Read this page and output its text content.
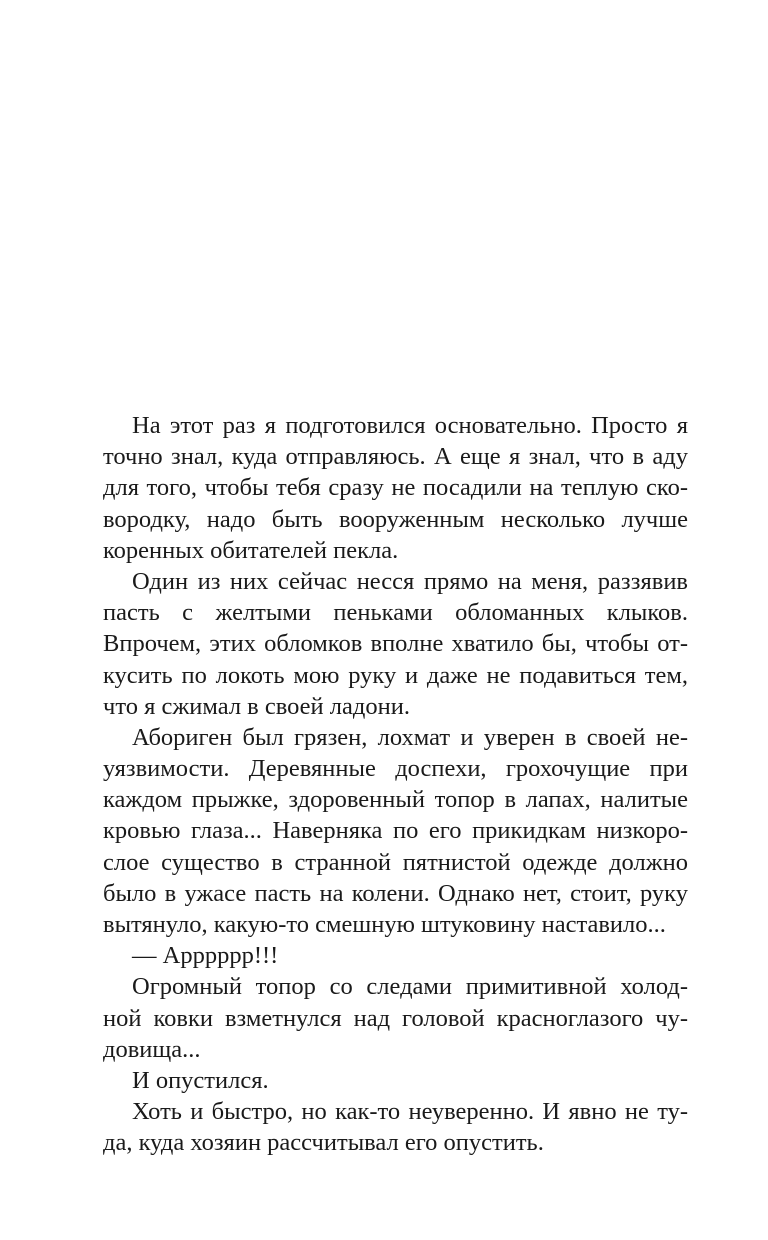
На этот раз я подготовился основательно. Просто я
точно знал, куда отправляюсь. А еще я знал, что в аду
для того, чтобы тебя сразу не посадили на теплую ско-
вородку, надо быть вооруженным несколько лучше
коренных обитателей пекла.
Один из них сейчас несся прямо на меня, раззявив
пасть с желтыми пеньками обломанных клыков.
Впрочем, этих обломков вполне хватило бы, чтобы от-
кусить по локоть мою руку и даже не подавиться тем,
что я сжимал в своей ладони.
Абориген был грязен, лохмат и уверен в своей не-
уязвимости. Деревянные доспехи, грохочущие при
каждом прыжке, здоровенный топор в лапах, налитые
кровью глаза... Наверняка по его прикидкам низкоро-
слое существо в странной пятнистой одежде должно
было в ужасе пасть на колени. Однако нет, стоит, руку
вытянуло, какую-то смешную штуковину наставило...
— Арррррр!!!
Огромный топор со следами примитивной холод-
ной ковки взметнулся над головой красноглазого чу-
довища...
И опустился.
Хоть и быстро, но как-то неуверенно. И явно не ту-
да, куда хозяин рассчитывал его опустить.
